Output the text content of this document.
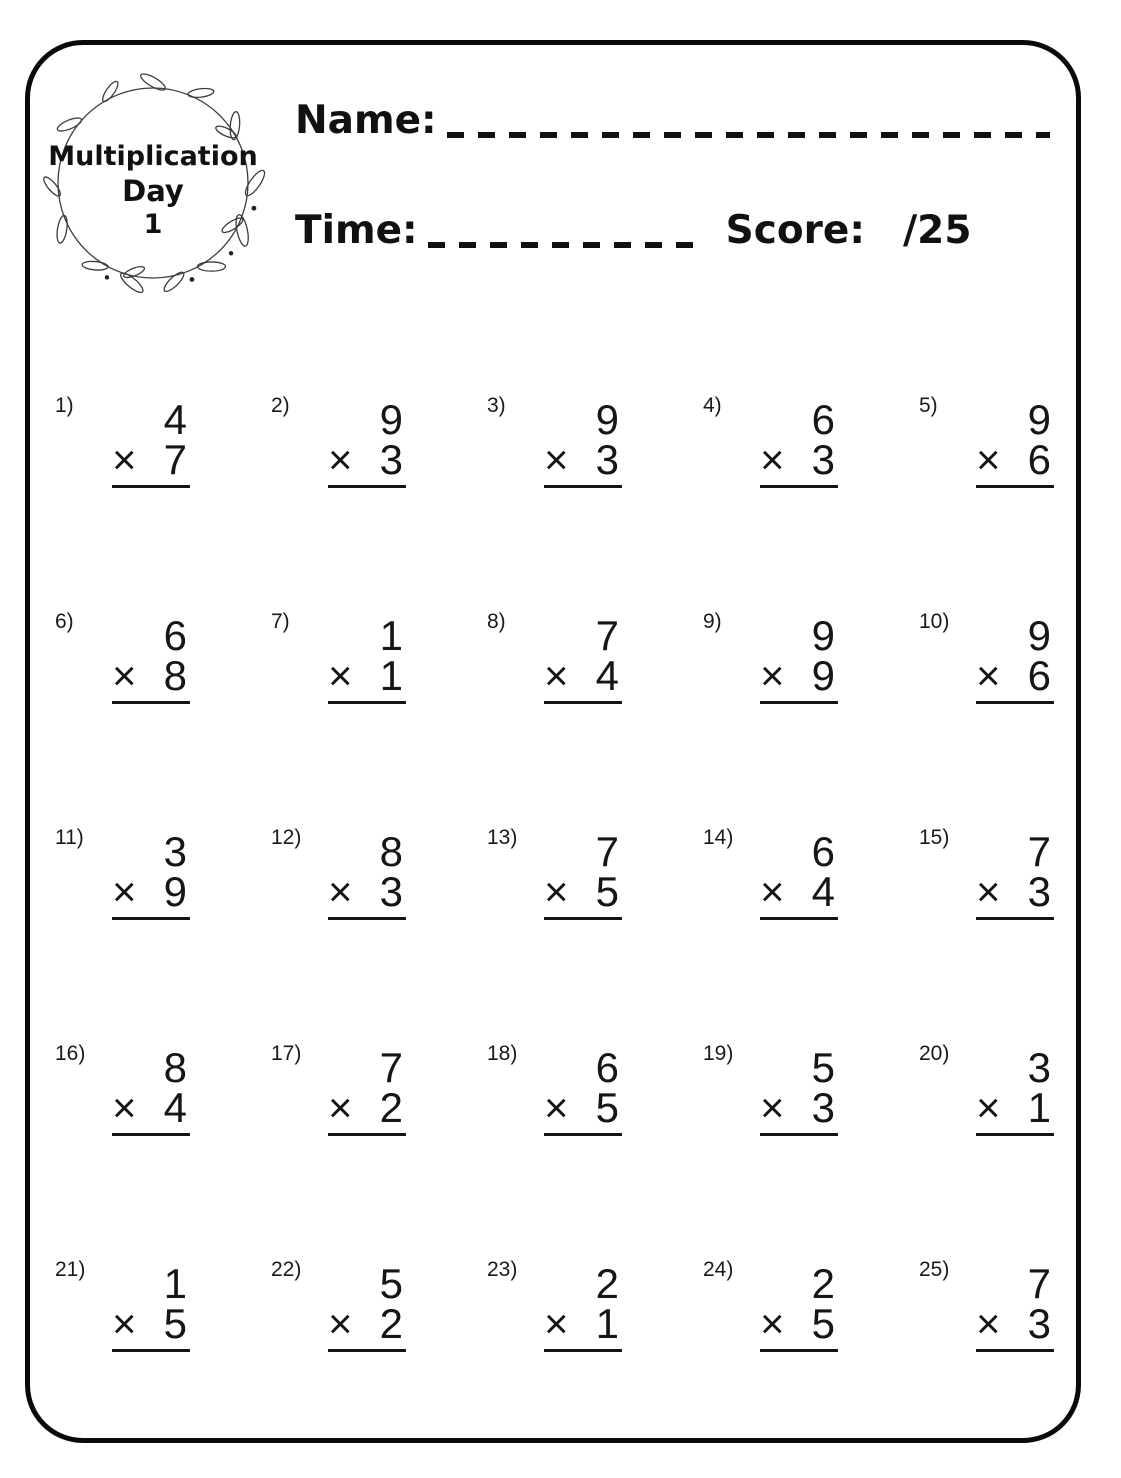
Multiplication
Day
1
Name:
Time:	Score: /25
1)	4
× 7
2)	9
× 3
3)	9
× 3
4)	6
× 3
5)	9
× 6
6)	6
× 8
7)	1
× 1
8)	7
× 4
9)	9
× 9
10)	9
× 6
11)	3
× 9
12)	8
× 3
13)	7
× 5
14)	6
× 4
15)	7
× 3
16)	8
× 4
17)	7
× 2
18)	6
× 5
19)	5
× 3
20)	3
× 1
21)	1
× 5
22)	5
× 2
23)	2
× 1
24)	2
× 5
25)	7
× 3
